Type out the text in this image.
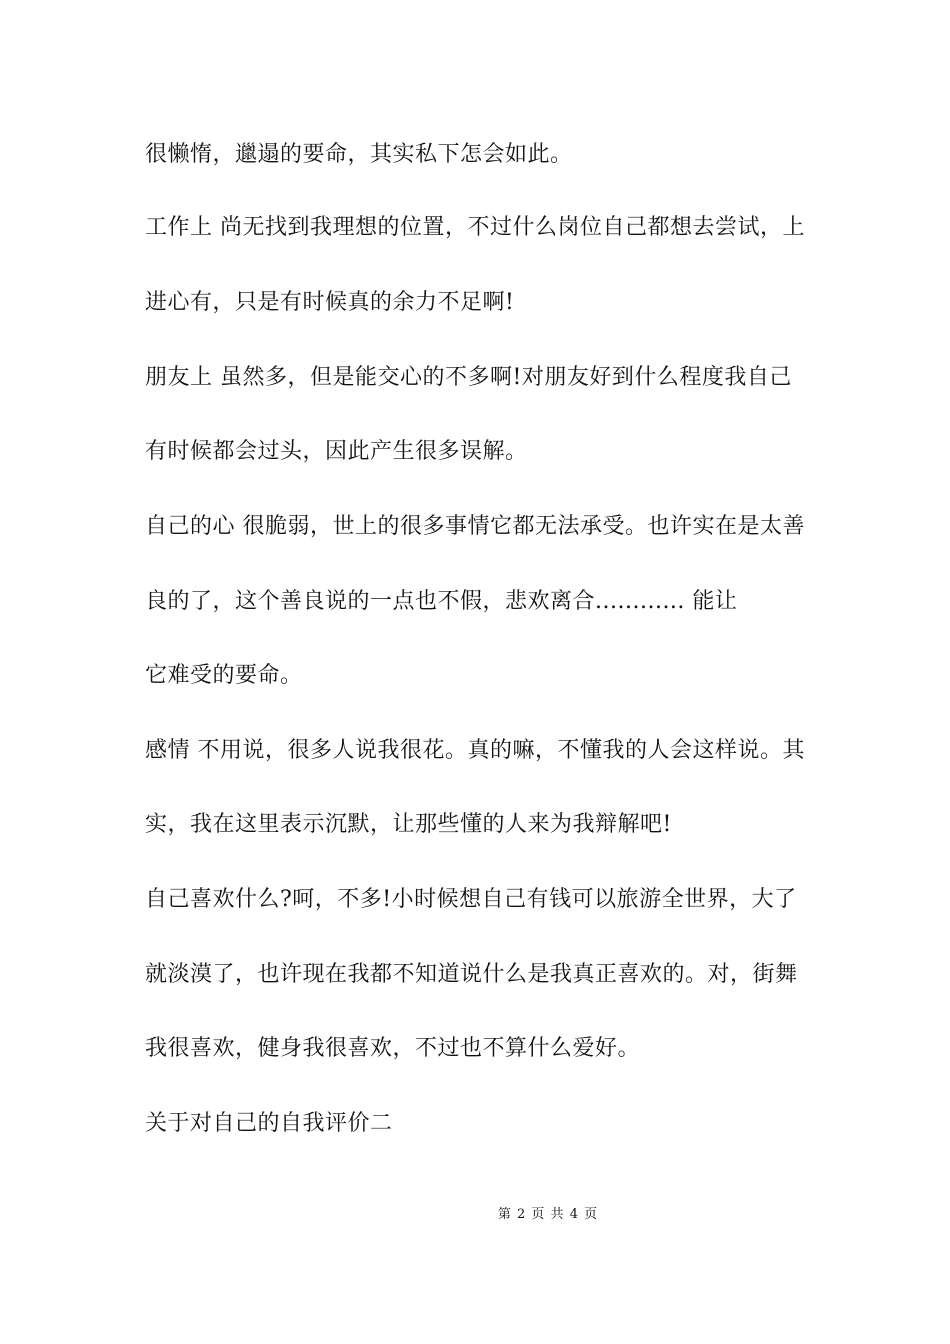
很懒惰，邋遢的要命，其实私下怎会如此。
工作上 尚无找到我理想的位置，不过什么岗位自己都想去尝试，上
进心有，只是有时候真的余力不足啊!
朋友上 虽然多，但是能交心的不多啊!对朋友好到什么程度我自己
有时候都会过头，因此产生很多误解。
自己的心 很脆弱，世上的很多事情它都无法承受。也许实在是太善
良的了，这个善良说的一点也不假，悲欢离合............ 能让
它难受的要命。
感情 不用说，很多人说我很花。真的嘛，不懂我的人会这样说。其
实，我在这里表示沉默，让那些懂的人来为我辩解吧!
自己喜欢什么?呵，不多!小时候想自己有钱可以旅游全世界，大了
就淡漠了，也许现在我都不知道说什么是我真正喜欢的。对，街舞
我很喜欢，健身我很喜欢，不过也不算什么爱好。
关于对自己的自我评价二
第 2 页 共 4 页
